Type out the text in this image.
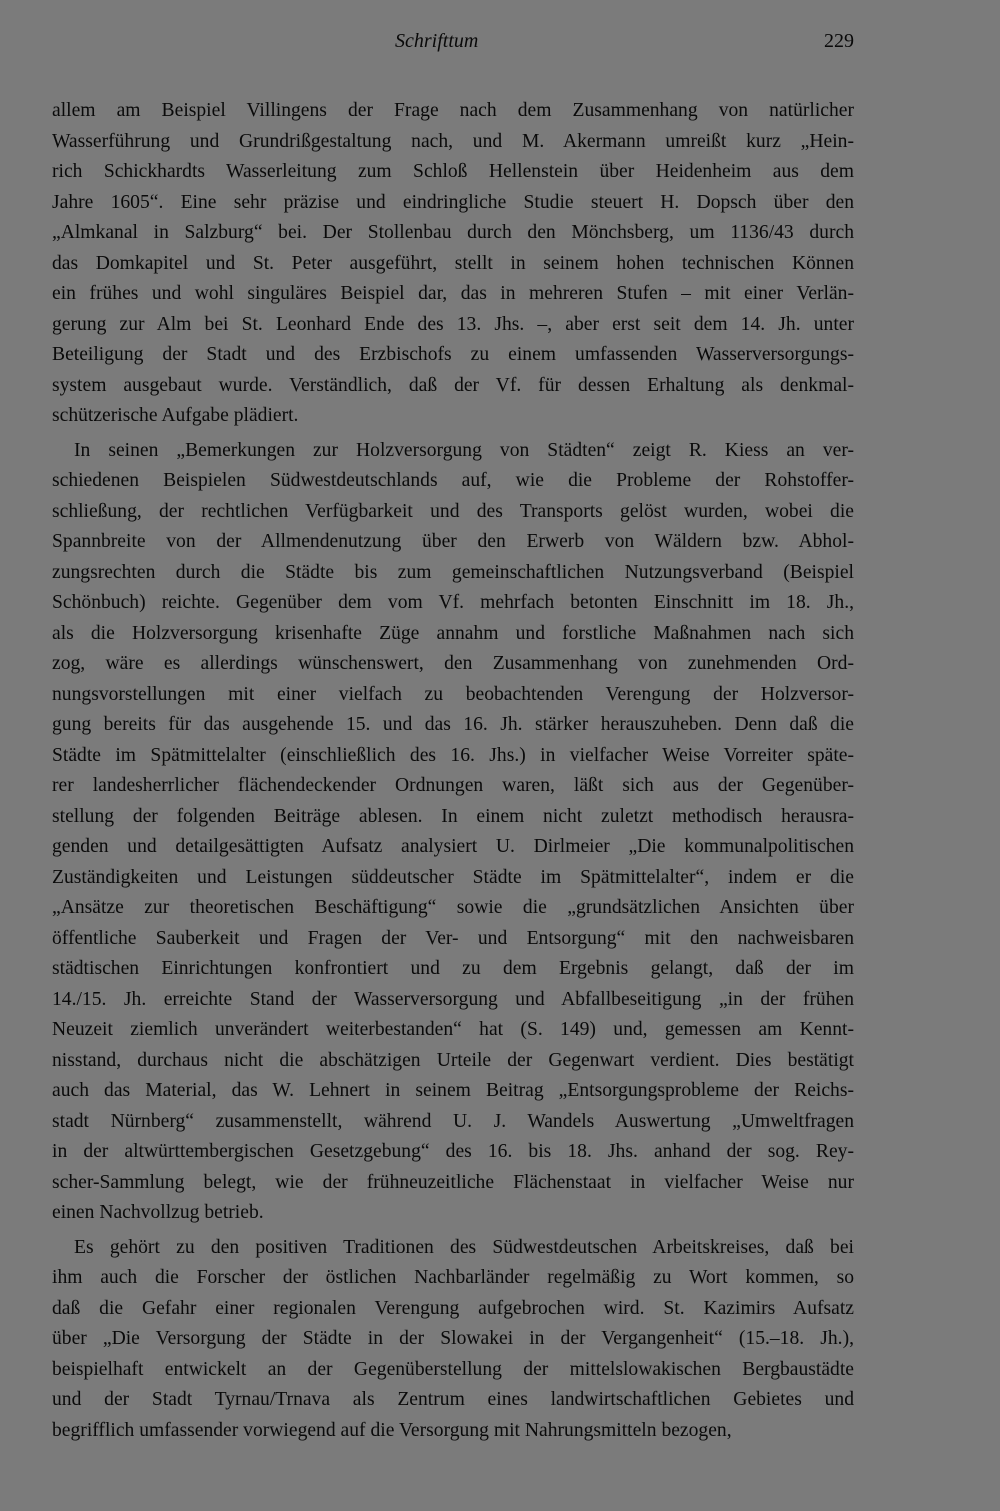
Schrifttum	229
allem am Beispiel Villingens der Frage nach dem Zusammenhang von natürlicher
Wasserführung und Grundrißgestaltung nach, und M. Akermann umreißt kurz „Hein-
rich Schickhardts Wasserleitung zum Schloß Hellenstein über Heidenheim aus dem
Jahre 1605“. Eine sehr präzise und eindringliche Studie steuert H. Dopsch über den
„Almkanal in Salzburg“ bei. Der Stollenbau durch den Mönchsberg, um 1136/43 durch
das Domkapitel und St. Peter ausgeführt, stellt in seinem hohen technischen Können
ein frühes und wohl singuläres Beispiel dar, das in mehreren Stufen – mit einer Verlän-
gerung zur Alm bei St. Leonhard Ende des 13. Jhs. –, aber erst seit dem 14. Jh. unter
Beteiligung der Stadt und des Erzbischofs zu einem umfassenden Wasserversorgungs-
system ausgebaut wurde. Verständlich, daß der Vf. für dessen Erhaltung als denkmal-
schützerische Aufgabe plädiert.
In seinen „Bemerkungen zur Holzversorgung von Städten“ zeigt R. Kiess an ver-
schiedenen Beispielen Südwestdeutschlands auf, wie die Probleme der Rohstoffer-
schließung, der rechtlichen Verfügbarkeit und des Transports gelöst wurden, wobei die
Spannbreite von der Allmendenutzung über den Erwerb von Wäldern bzw. Abhol-
zungsrechten durch die Städte bis zum gemeinschaftlichen Nutzungsverband (Beispiel
Schönbuch) reichte. Gegenüber dem vom Vf. mehrfach betonten Einschnitt im 18. Jh.,
als die Holzversorgung krisenhafte Züge annahm und forstliche Maßnahmen nach sich
zog, wäre es allerdings wünschenswert, den Zusammenhang von zunehmenden Ord-
nungsvorstellungen mit einer vielfach zu beobachtenden Verengung der Holzversor-
gung bereits für das ausgehende 15. und das 16. Jh. stärker herauszuheben. Denn daß die
Städte im Spätmittelalter (einschließlich des 16. Jhs.) in vielfacher Weise Vorreiter späte-
rer landesherrlicher flächendeckender Ordnungen waren, läßt sich aus der Gegenüber-
stellung der folgenden Beiträge ablesen. In einem nicht zuletzt methodisch herausra-
genden und detailgesättigten Aufsatz analysiert U. Dirlmeier „Die kommunalpolitischen
Zuständigkeiten und Leistungen süddeutscher Städte im Spätmittelalter“, indem er die
„Ansätze zur theoretischen Beschäftigung“ sowie die „grundsätzlichen Ansichten über
öffentliche Sauberkeit und Fragen der Ver- und Entsorgung“ mit den nachweisbaren
städtischen Einrichtungen konfrontiert und zu dem Ergebnis gelangt, daß der im
14./15. Jh. erreichte Stand der Wasserversorgung und Abfallbeseitigung „in der frühen
Neuzeit ziemlich unverändert weiterbestanden“ hat (S. 149) und, gemessen am Kennt-
nisstand, durchaus nicht die abschätzigen Urteile der Gegenwart verdient. Dies bestätigt
auch das Material, das W. Lehnert in seinem Beitrag „Entsorgungsprobleme der Reichs-
stadt Nürnberg“ zusammenstellt, während U. J. Wandels Auswertung „Umweltfragen
in der altwürttembergischen Gesetzgebung“ des 16. bis 18. Jhs. anhand der sog. Rey-
scher-Sammlung belegt, wie der frühneuzeitliche Flächenstaat in vielfacher Weise nur
einen Nachvollzug betrieb.
Es gehört zu den positiven Traditionen des Südwestdeutschen Arbeitskreises, daß bei
ihm auch die Forscher der östlichen Nachbarländer regelmäßig zu Wort kommen, so
daß die Gefahr einer regionalen Verengung aufgebrochen wird. St. Kazimirs Aufsatz
über „Die Versorgung der Städte in der Slowakei in der Vergangenheit“ (15.–18. Jh.),
beispielhaft entwickelt an der Gegenüberstellung der mittelslowakischen Bergbaustädte
und der Stadt Tyrnau/Trnava als Zentrum eines landwirtschaftlichen Gebietes und
begrifflich umfassender vorwiegend auf die Versorgung mit Nahrungsmitteln bezogen,
